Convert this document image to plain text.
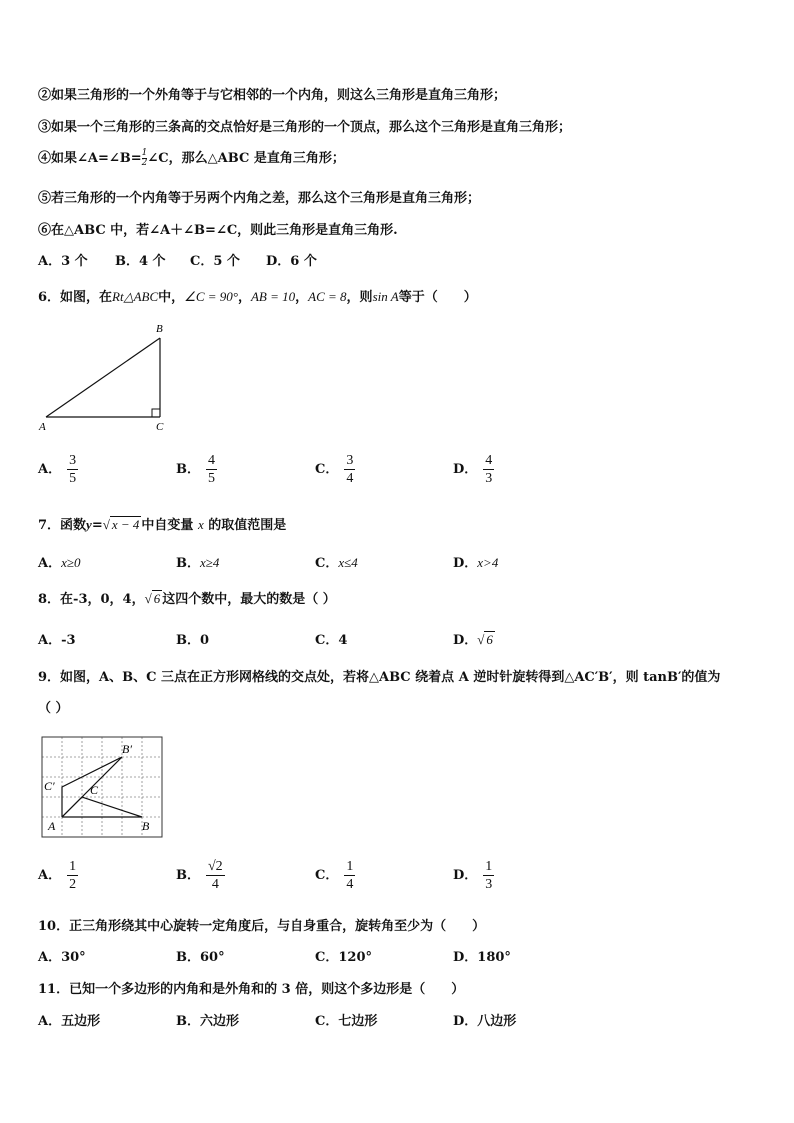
②如果三角形的一个外角等于与它相邻的一个内角，则这么三角形是直角三角形；
③如果一个三角形的三条高的交点恰好是三角形的一个顶点，那么这个三角形是直角三角形；
④如果∠A=∠B= $\frac{1}{2}\angle C$，那么△ABC 是直角三角形；
⑤若三角形的一个内角等于另两个内角之差，那么这个三角形是直角三角形；
⑥在△ABC 中，若∠A＋∠B=∠C，则此三角形是直角三角形.
A．3 个 B．4 个 C．5 个 D．6 个
6．如图，在Rt△ABC中，∠C = 90°，AB = 10，AC = 8，则sin A等于（　　）
B
A	C
A． $\frac{3}{5}$	B． $\frac{4}{5}$	C． $\frac{3}{4}$	D． $\frac{4}{3}$
7．函数y=√ x − 4 中自变量 x 的取值范围是
A．x≥0	B．x≥4	C．x≤4	D．x>4
8．在-3，0，4，√ 6 这四个数中，最大的数是（ ）
A．-3	B．0	C．4	D．√ 6
9．如图，A、B、C 三点在正方形网格线的交点处，若将△ABC 绕着点 A 逆时针旋转得到△AC′B′，则 tanB′的值为
（ ）
B′
C′	C
A	B
A． $\frac{1}{2}$	B． $\frac{√2}{4}$	C． $\frac{1}{4}$	D． $\frac{1}{3}$
10．正三角形绕其中心旋转一定角度后，与自身重合，旋转角至少为（　　）
A．30°	B．60°	C．120°	D．180°
11．已知一个多边形的内角和是外角和的 3 倍，则这个多边形是（　　）
A．五边形	B．六边形	C．七边形	D．八边形
